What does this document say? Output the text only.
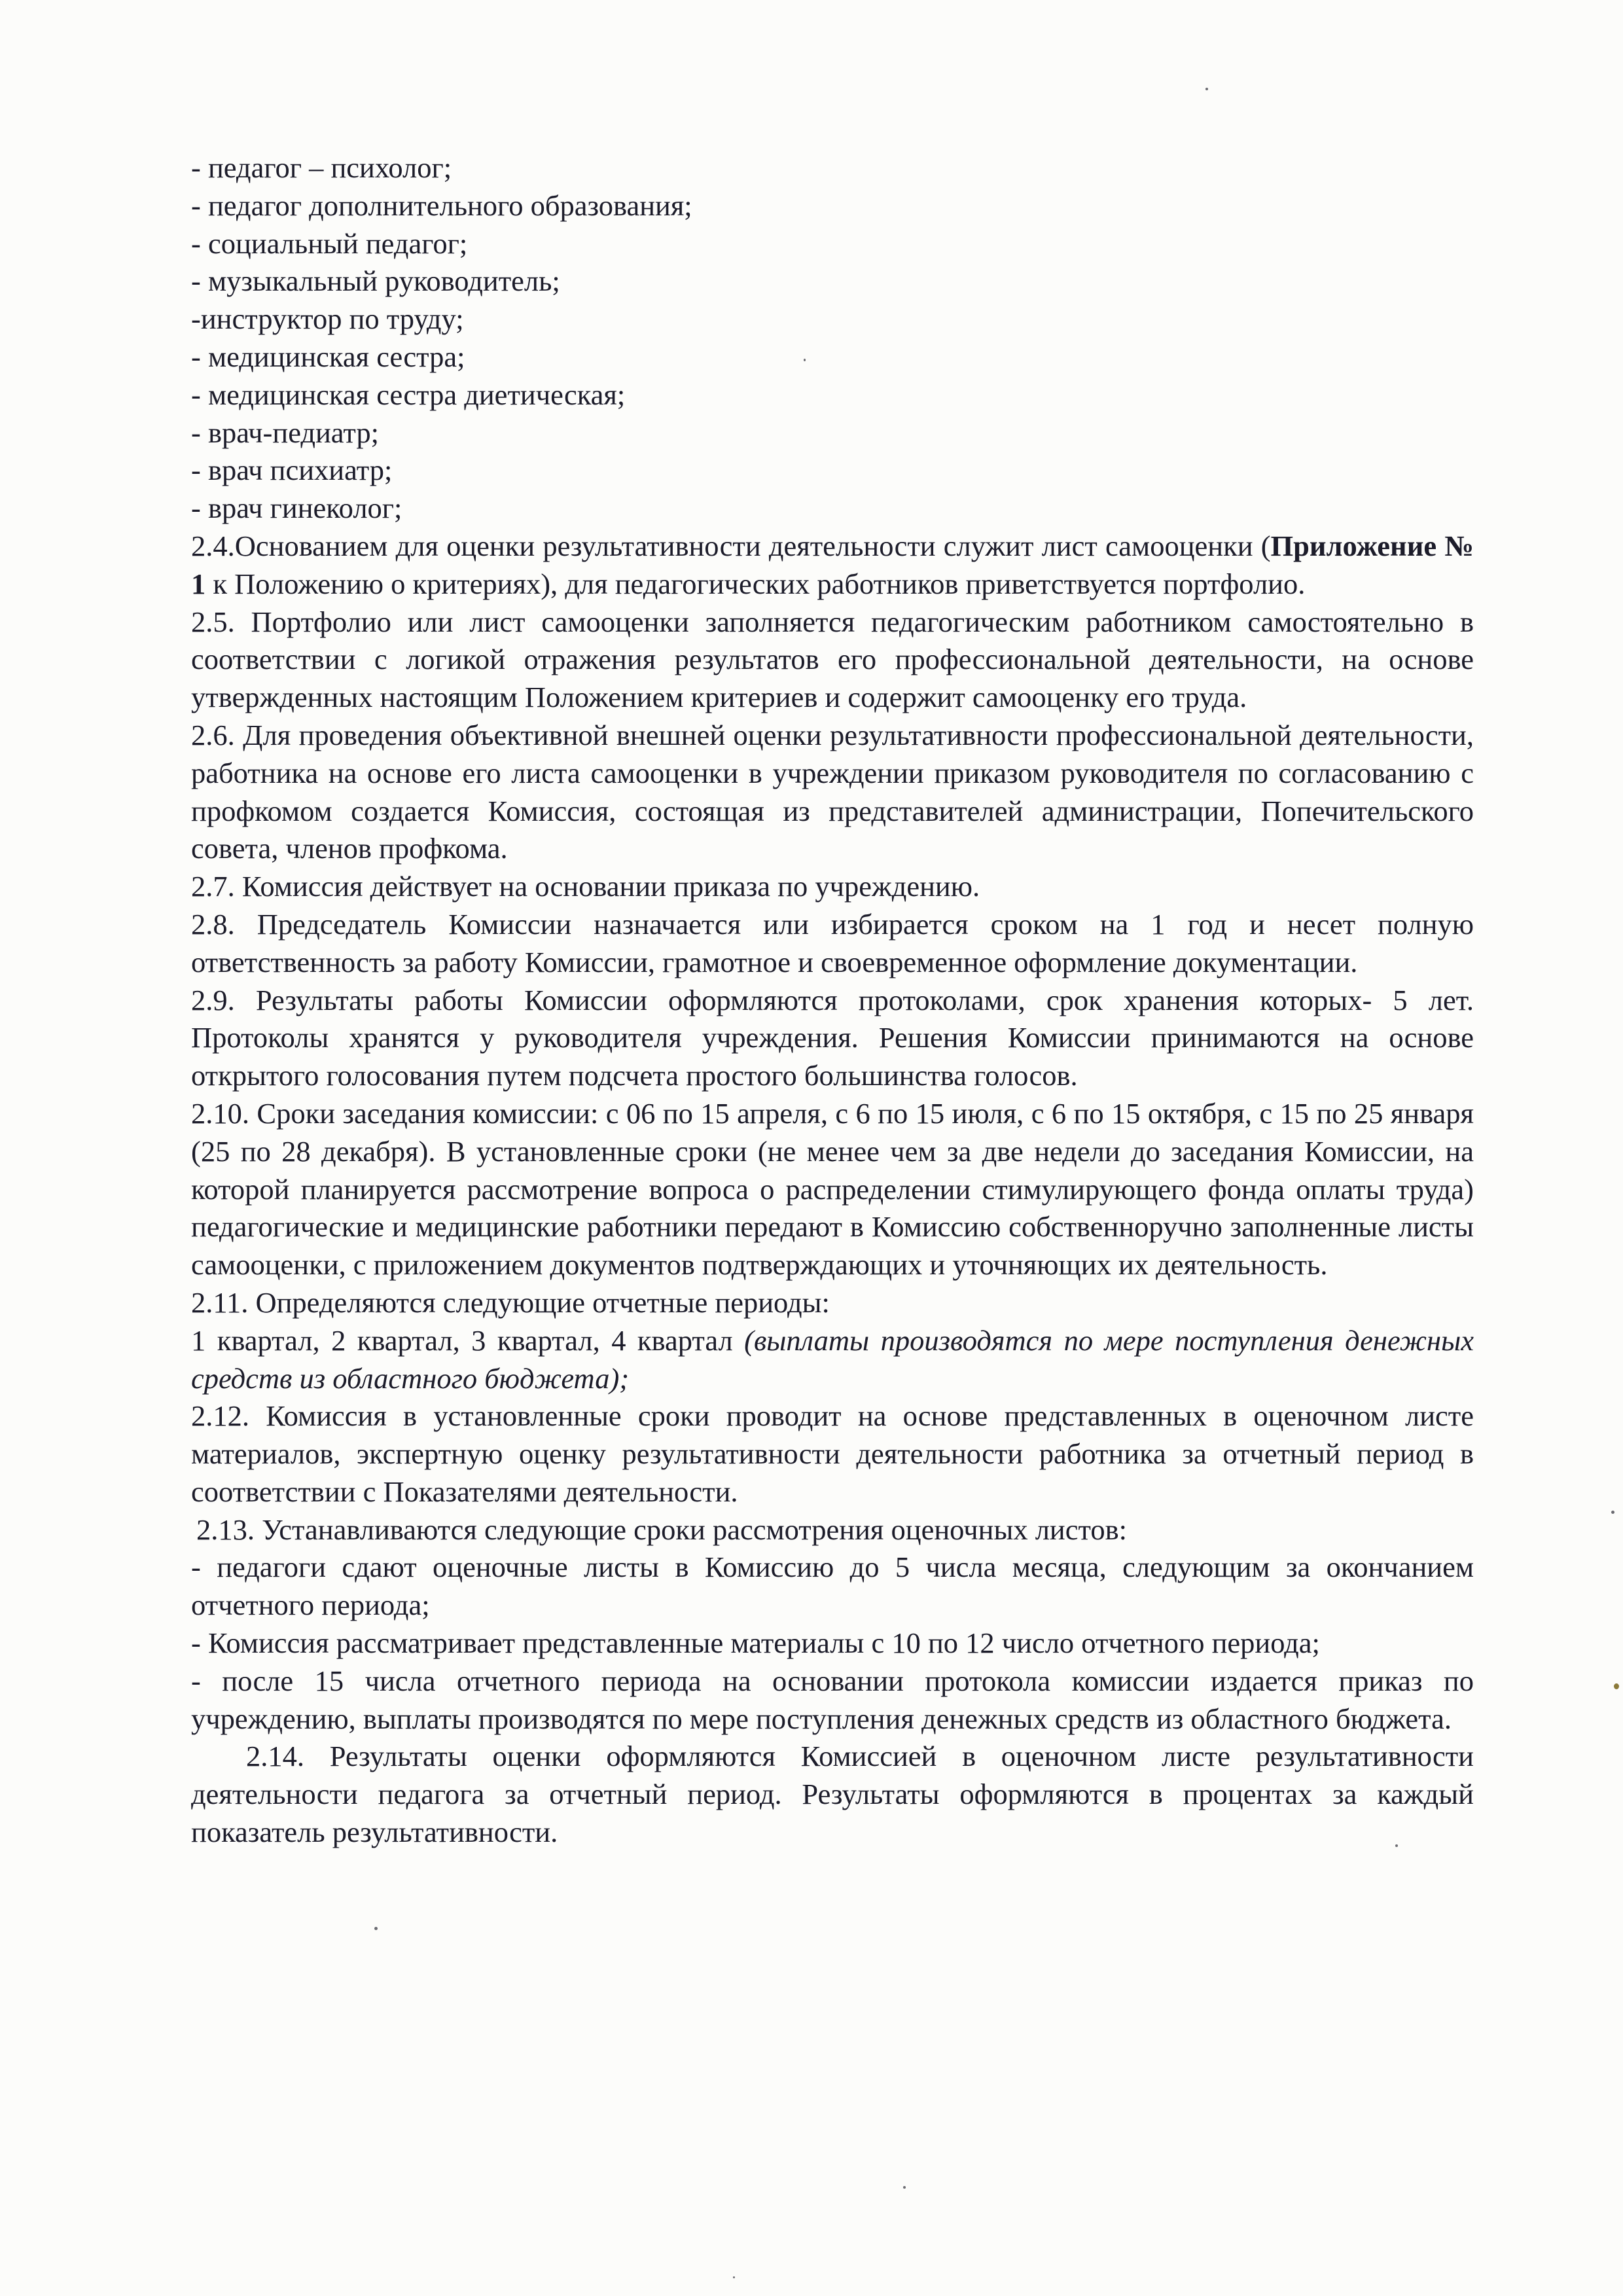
- педагог – психолог;
- педагог дополнительного образования;
- социальный педагог;
- музыкальный руководитель;
-инструктор по труду;
- медицинская сестра;
- медицинская сестра диетическая;
- врач-педиатр;
- врач психиатр;
- врач гинеколог;

2.4.Основанием для оценки результативности деятельности служит лист самооценки (Приложение № 1 к Положению о критериях), для педагогических работников приветствуется портфолио.

2.5. Портфолио или лист самооценки заполняется педагогическим работником самостоятельно в соответствии с логикой отражения результатов его профессиональной деятельности, на основе утвержденных настоящим Положением критериев и содержит самооценку его труда.

2.6. Для проведения объективной внешней оценки результативности профессиональной деятельности, работника на основе его листа самооценки в учреждении приказом руководителя по согласованию с профкомом создается Комиссия, состоящая из представителей администрации, Попечительского совета, членов профкома.

2.7. Комиссия действует на основании приказа по учреждению.

2.8. Председатель Комиссии назначается или избирается сроком на 1 год и несет полную ответственность за работу Комиссии, грамотное и своевременное оформление документации.

2.9. Результаты работы Комиссии оформляются протоколами, срок хранения которых- 5 лет. Протоколы хранятся у руководителя учреждения. Решения Комиссии принимаются на основе открытого голосования путем подсчета простого большинства голосов.

2.10. Сроки заседания комиссии: с 06 по 15 апреля, с 6 по 15 июля, с 6 по 15 октября, с 15 по 25 января (25 по 28 декабря). В установленные сроки (не менее чем за две недели до заседания Комиссии, на которой планируется рассмотрение вопроса о распределении стимулирующего фонда оплаты труда) педагогические и медицинские работники передают в Комиссию собственноручно заполненные листы самооценки, с приложением документов подтверждающих и уточняющих их деятельность.

2.11. Определяются следующие отчетные периоды:

1 квартал, 2 квартал, 3 квартал, 4 квартал (выплаты производятся по мере поступления денежных средств из областного бюджета);

2.12. Комиссия в установленные сроки проводит на основе представленных в оценочном листе материалов, экспертную оценку результативности деятельности работника за отчетный период в соответствии с Показателями деятельности.

2.13. Устанавливаются следующие сроки рассмотрения оценочных листов:

- педагоги сдают оценочные листы в Комиссию до 5 числа месяца, следующим за окончанием отчетного периода;

- Комиссия рассматривает представленные материалы с 10 по 12 число отчетного периода;

- после 15 числа отчетного периода на основании протокола комиссии издается приказ по учреждению, выплаты производятся по мере поступления денежных средств из областного бюджета.

2.14. Результаты оценки оформляются Комиссией в оценочном листе результативности деятельности педагога за отчетный период. Результаты оформляются в процентах за каждый показатель результативности.
